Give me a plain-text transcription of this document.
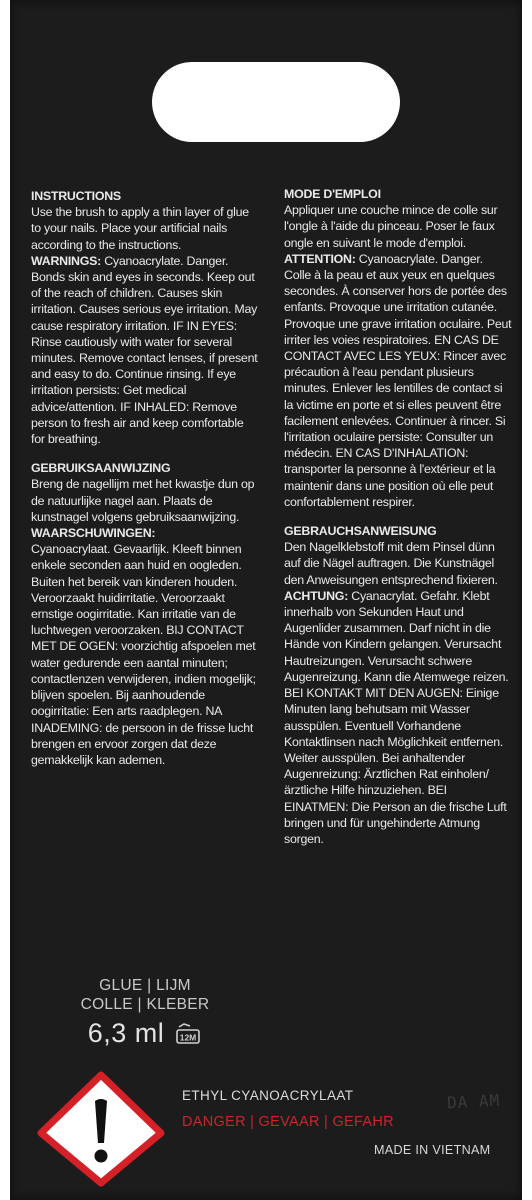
INSTRUCTIONS

Use the brush to apply a thin layer of glue to your nails. Place your artificial nails according to the instructions.

WARNINGS: Cyanoacrylate. Danger. Bonds skin and eyes in seconds. Keep out of the reach of children. Causes skin irritation. Causes serious eye irritation. May cause respiratory irritation. IF IN EYES: Rinse cautiously with water for several minutes. Remove contact lenses, if present and easy to do. Continue rinsing. If eye irritation persists: Get medical advice/attention. IF INHALED: Remove person to fresh air and keep comfortable for breathing.

GEBRUIKSAANWIJZING

Breng de nagellijm met het kwastje dun op de natuurlijke nagel aan. Plaats de kunstnagel volgens gebruiksaanwijzing.

WAARSCHUWINGEN:

Cyanoacrylaat. Gevaarlijk. Kleeft binnen enkele seconden aan huid en oogleden. Buiten het bereik van kinderen houden. Veroorzaakt huidirritatie. Veroorzaakt ernstige oogirritatie. Kan irritatie van de luchtwegen veroorzaken. BIJ CONTACT MET DE OGEN: voorzichtig afspoelen met water gedurende een aantal minuten; contactlenzen verwijderen, indien mogelijk; blijven spoelen. Bij aanhoudende oogirritatie: Een arts raadplegen. NA INADEMING: de persoon in de frisse lucht brengen en ervoor zorgen dat deze gemakkelijk kan ademen.

MODE D'EMPLOI

Appliquer une couche mince de colle sur l'ongle à l'aide du pinceau. Poser le faux ongle en suivant le mode d'emploi.

ATTENTION: Cyanoacrylate. Danger. Colle à la peau et aux yeux en quelques secondes. À conserver hors de portée des enfants. Provoque une irritation cutanée. Provoque une grave irritation oculaire. Peut irriter les voies respiratoires. EN CAS DE CONTACT AVEC LES YEUX: Rincer avec précaution à l'eau pendant plusieurs minutes. Enlever les lentilles de contact si la victime en porte et si elles peuvent être facilement enlevées. Continuer à rincer. Si l'irritation oculaire persiste: Consulter un médecin. EN CAS D'INHALATION: transporter la personne à l'extérieur et la maintenir dans une position où elle peut confortablement respirer.

GEBRAUCHSANWEISUNG

Den Nagelklebstoff mit dem Pinsel dünn auf die Nägel auftragen. Die Kunstnägel den Anweisungen entsprechend fixieren.

ACHTUNG: Cyanacrylat. Gefahr. Klebt innerhalb von Sekunden Haut und Augenlider zusammen. Darf nicht in die Hände von Kindern gelangen. Verursacht Hautreizungen. Verursacht schwere Augenreizung. Kann die Atemwege reizen. BEI KONTAKT MIT DEN AUGEN: Einige Minuten lang behutsam mit Wasser ausspülen. Eventuell Vorhandene Kontaktlinsen nach Möglichkeit entfernen. Weiter ausspülen. Bei anhaltender Augenreizung: Ärztlichen Rat einholen/ärztliche Hilfe hinzuziehen. BEI EINATMEN: Die Person an die frische Luft bringen und für ungehinderte Atmung sorgen.

GLUE | LIJM
COLLE | KLEBER
6,3 ml 12M
ETHYL CYANOACRYLAAT
DANGER | GEVAAR | GEFAHR
DA AM
MADE IN VIETNAM
